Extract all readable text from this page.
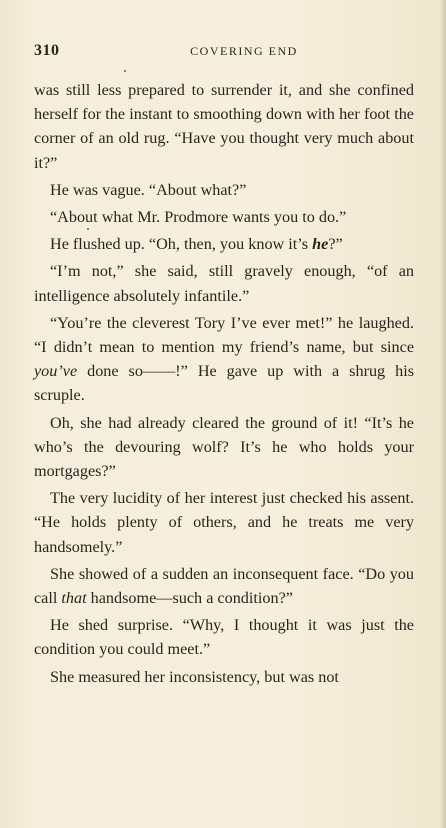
310	COVERING END

was still less prepared to surrender it, and she confined herself for the instant to smoothing down with her foot the corner of an old rug. “Have you thought very much about it?”

He was vague. “About what?”

“About what Mr. Prodmore wants you to do.”

He flushed up. “Oh, then, you know it’s he?”

“I’m not,” she said, still gravely enough, “of an intelligence absolutely infantile.”

“You’re the cleverest Tory I’ve ever met!” he laughed. “I didn’t mean to mention my friend’s name, but since you’ve done so——!” He gave up with a shrug his scruple.

Oh, she had already cleared the ground of it! “It’s he who’s the devouring wolf? It’s he who holds your mortgages?”

The very lucidity of her interest just checked his assent. “He holds plenty of others, and he treats me very handsomely.”

She showed of a sudden an inconsequent face. “Do you call that handsome—such a condition?”

He shed surprise. “Why, I thought it was just the condition you could meet.”

She measured her inconsistency, but was not
